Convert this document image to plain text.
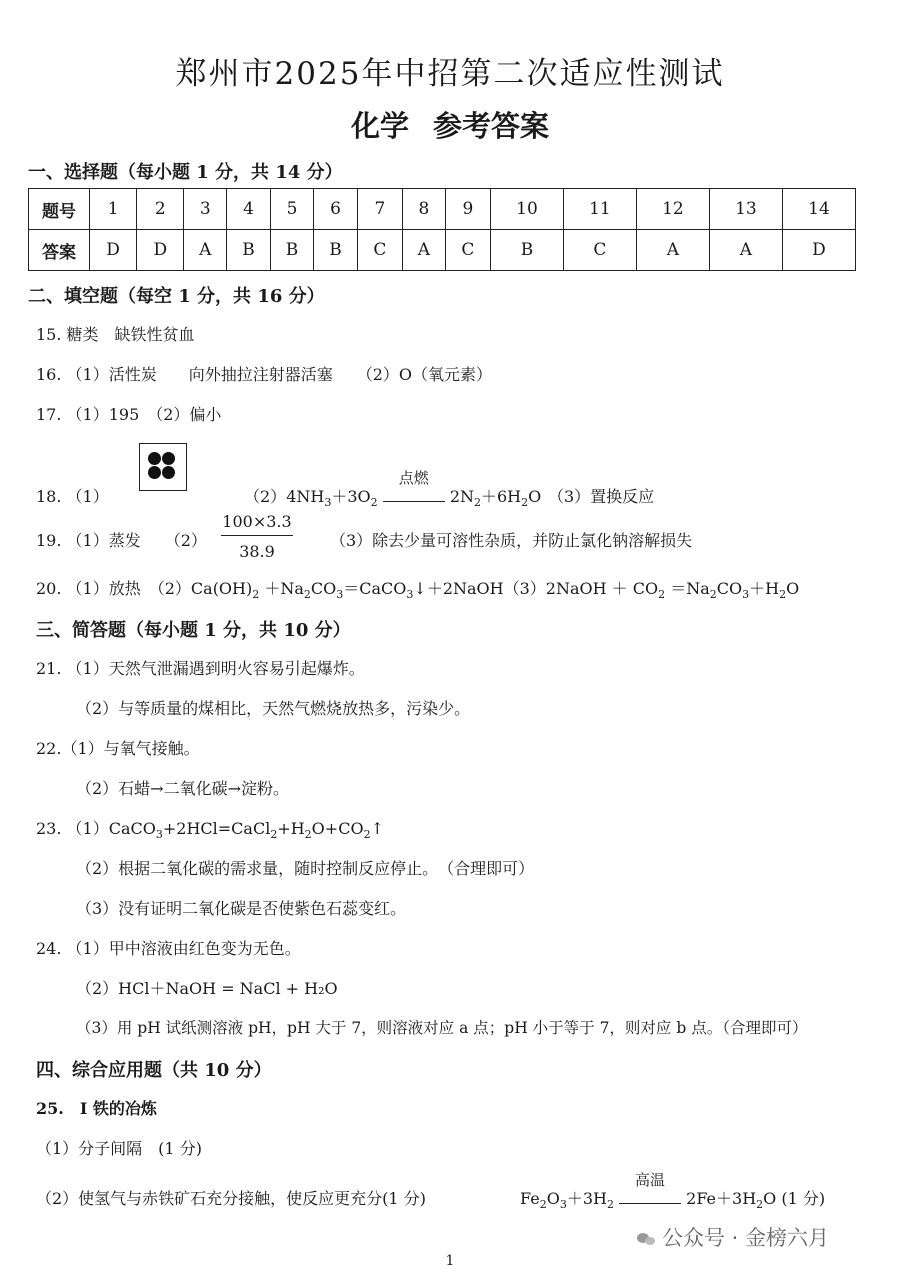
郑州市2025年中招第二次适应性测试
化学 参考答案
一、选择题（每小题 1 分，共 14 分）
题号	1	2	3	4	5	6	7	8	9	10	11	12	13	14
答案	D	D	A	B	B	B	C	A	C	B	C	A	A	D
二、填空题（每空 1 分，共 16 分）
15. 糖类　缺铁性贫血
16. （1）活性炭　　向外抽拉注射器活塞　　（2）O（氧元素）
17. （1）195　（2）偏小
18. （1）	$(2)4NH_3+3O_2$
点燃
$2N_2+6H_2O$ （3）置换反应
19. （1）蒸发　　$(2) \frac{100\times 3.3}{38.9} (3)$除去少量可溶性杂质，并防止氯化钠溶解损失
20. （1）放热　$(2)Ca(OH)_2$ $+Na_2CO_3=CaCO_3↓+2NaOH(3)2NaOH + CO_2 =Na_2CO_3+H_2O$
三、简答题（每小题 1 分，共 10 分）
21. （1）天然气泄漏遇到明火容易引起爆炸。
（2）与等质量的煤相比，天然气燃烧放热多，污染少。
22.（1）与氧气接触。
（2）石蜡→二氧化碳→淀粉。
23. $(1)CaCO_3+2HCl=CaCl_2+H_2O+CO_2↑$
（2）根据二氧化碳的需求量，随时控制反应停止。　（合理即可）
（3）没有证明二氧化碳是否使紫色石蕊变红。
24. （1）甲中溶液由红色变为无色。
（2）HCl＋NaOH = NaCl + H₂O
（3）用 pH 试纸测溶液 pH，pH 大于 7，则溶液对应 a 点；pH 小于等于 7，则对应 b 点。（合理即可）
四、综合应用题（共 10 分）
25.　Ⅰ 铁的冶炼
（1）分子间隔　(1 分)
（2）使氢气与赤铁矿石充分接触，使反应更充分(1 分)	$Fe_2O_3+3H_2$
高温
$2Fe+3H_2O$ (1 分)
公众号 · 金榜六月
1
